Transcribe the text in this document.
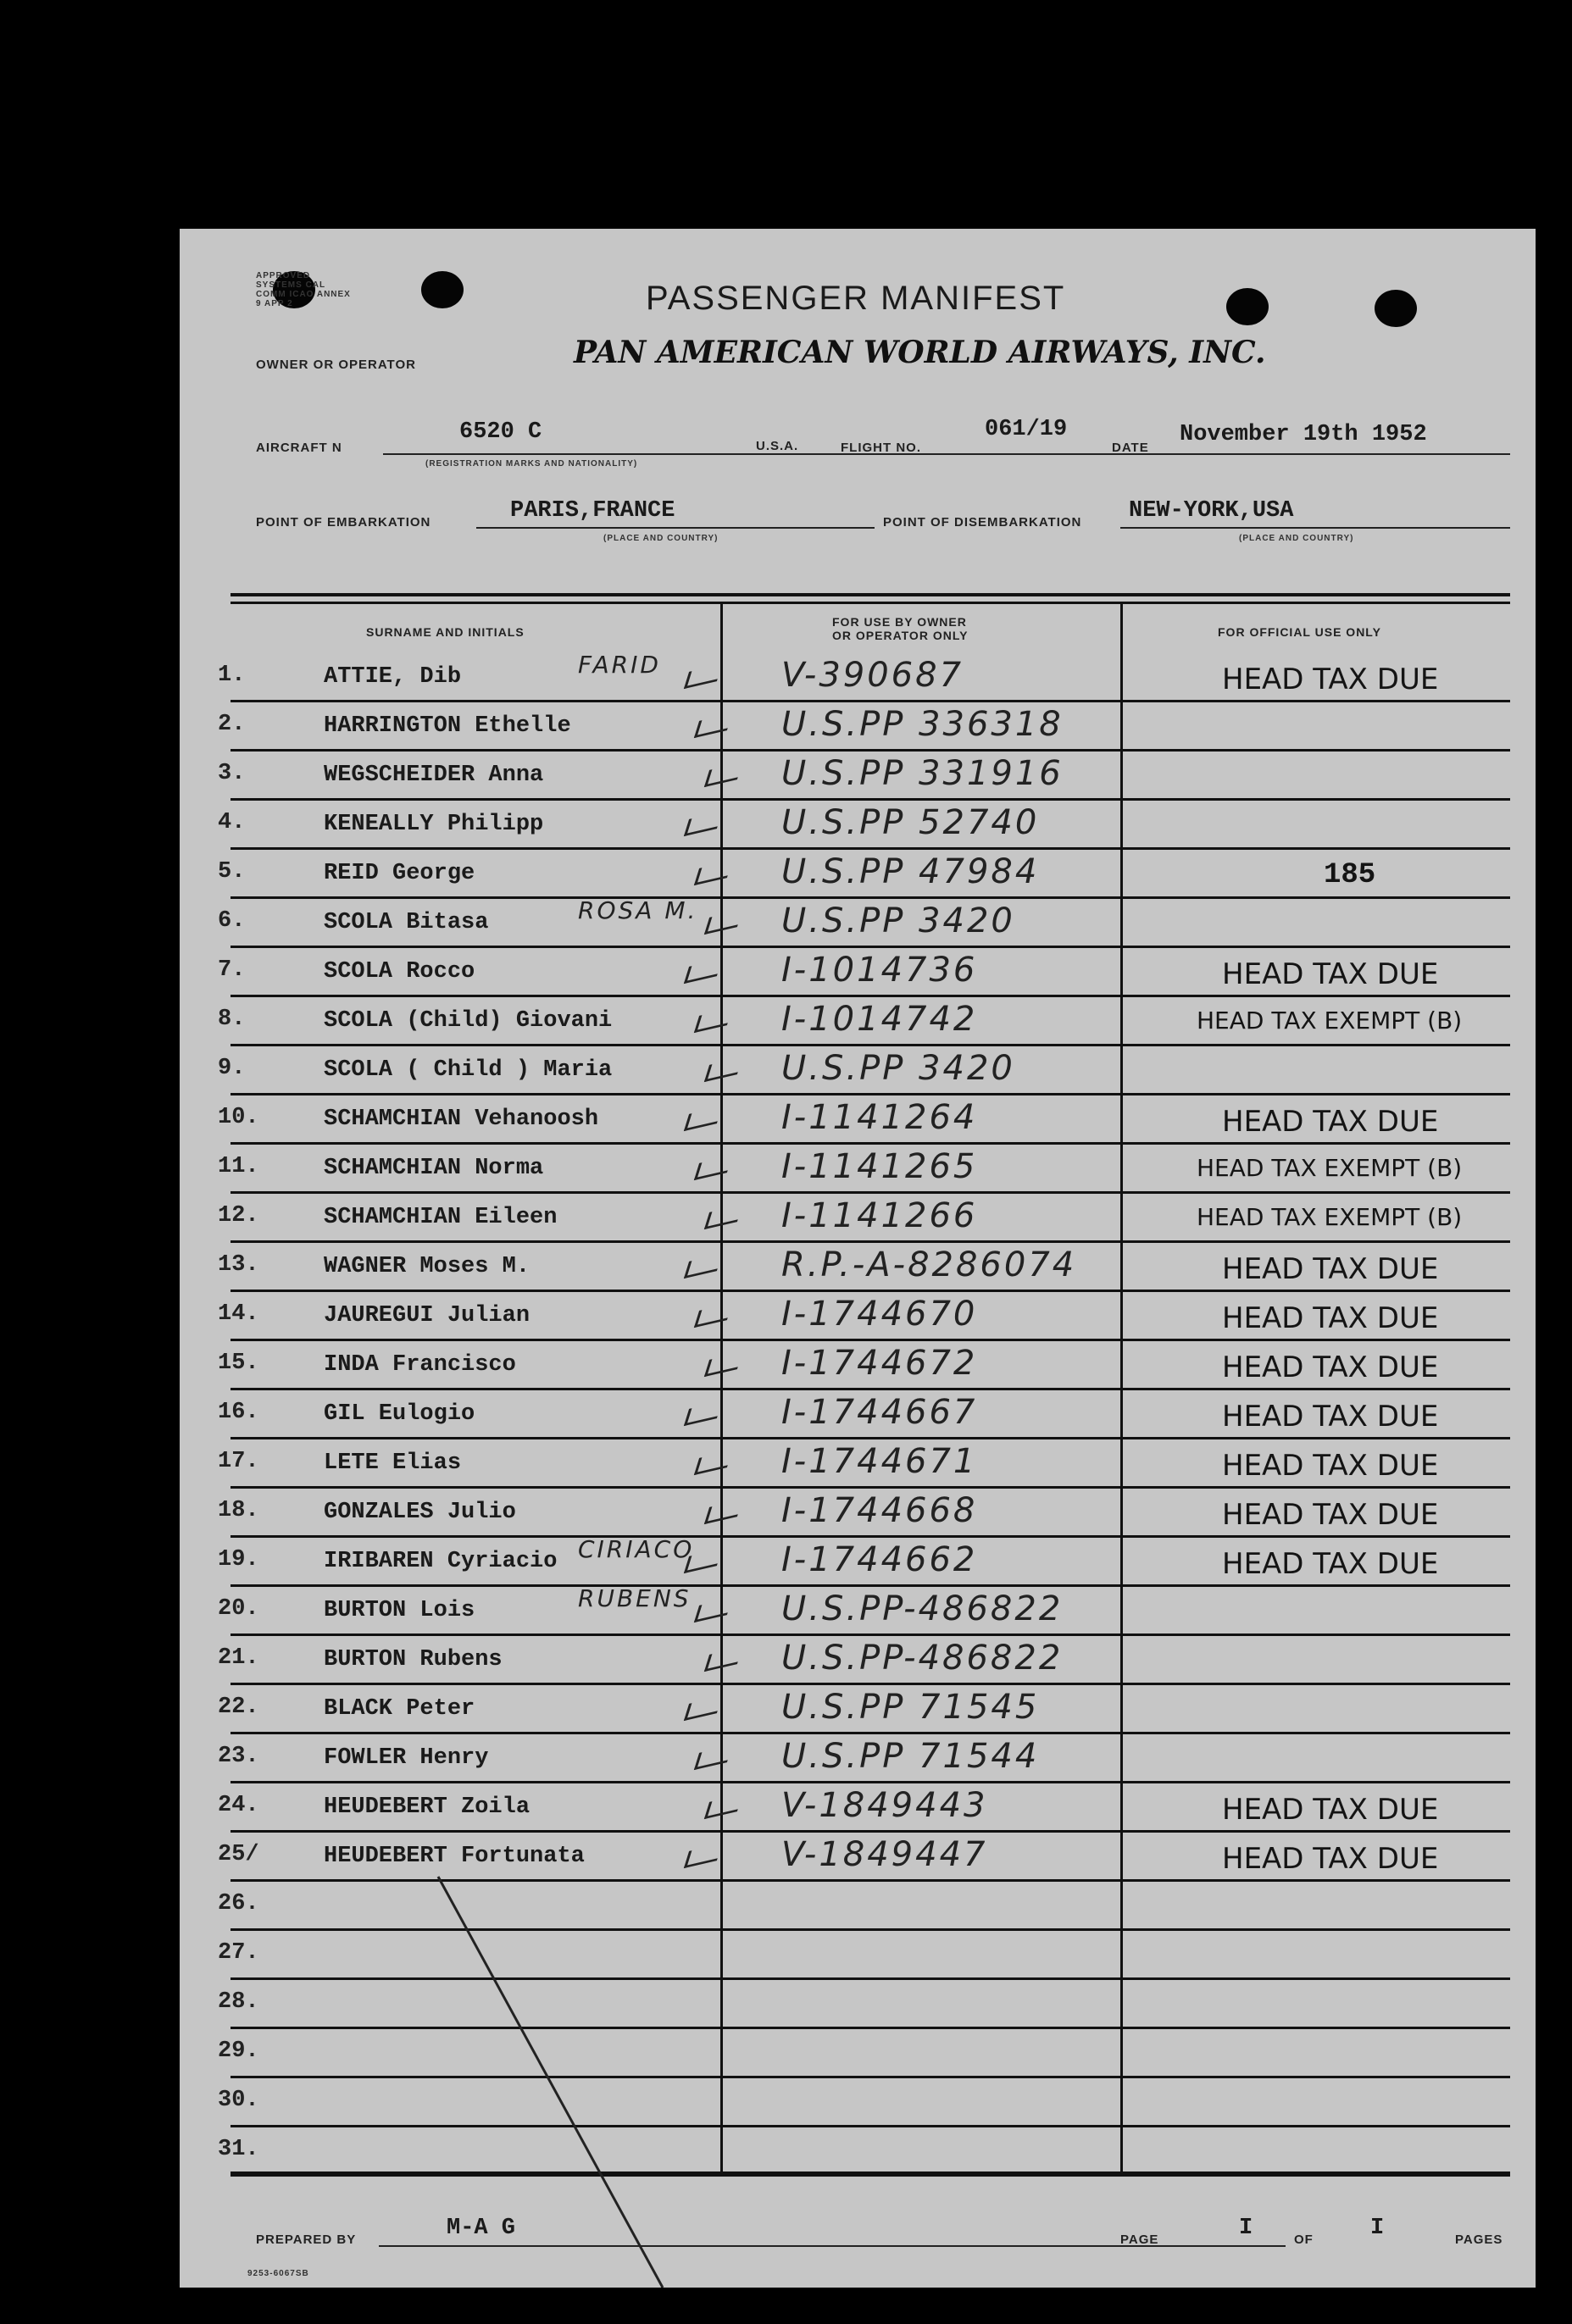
APPROVED SYSTEMS CAL COMM ICAO ANNEX 9 APP 2	PASSENGER MANIFEST
OWNER OR OPERATOR	PAN AMERICAN WORLD AIRWAYS, INC.
AIRCRAFT N
6520 C
(REGISTRATION MARKS AND NATIONALITY)
U.S.A.	FLIGHT NO.
061/19
DATE
November 19th 1952
POINT OF EMBARKATION	PARIS,FRANCE
(PLACE AND COUNTRY)
POINT OF DISEMBARKATION NEW-YORK,USA
(PLACE AND COUNTRY)
SURNAME AND INITIALS
FOR USE BY OWNER
OR OPERATOR ONLY	FOR OFFICIAL USE ONLY
1.	ATTIE, Dib	FARID	V-390687	HEAD TAX DUE
2.	HARRINGTON Ethelle	U.S.PP 336318
3.	WEGSCHEIDER Anna	U.S.PP 331916
4.	KENEALLY Philipp	U.S.PP 52740
5.	REID George	U.S.PP 47984	185
6.	SCOLA Bitasa	ROSA M. U.S.PP 3420
7.	SCOLA Rocco	I-1014736	HEAD TAX DUE
8.	SCOLA (Child) Giovani	I-1014742	HEAD TAX EXEMPT (B)
9.	SCOLA ( Child ) Maria	U.S.PP 3420
10.	SCHAMCHIAN Vehanoosh	I-1141264	HEAD TAX DUE
11.	SCHAMCHIAN Norma	I-1141265	HEAD TAX EXEMPT (B)
12.	SCHAMCHIAN Eileen	I-1141266	HEAD TAX EXEMPT (B)
13.	WAGNER Moses M.	R.P.-A-8286074	HEAD TAX DUE
14.	JAUREGUI Julian	I-1744670	HEAD TAX DUE
15.	INDA Francisco	I-1744672	HEAD TAX DUE
16.	GIL Eulogio	I-1744667	HEAD TAX DUE
17.	LETE Elias	I-1744671	HEAD TAX DUE
18.	GONZALES Julio	I-1744668	HEAD TAX DUE
19.	IRIBAREN Cyriacio CIRIACO	I-1744662	HEAD TAX DUE
20.	BURTON Lois	RUBENS	U.S.PP-486822
21.	BURTON Rubens	U.S.PP-486822
22.	BLACK Peter	U.S.PP 71545
23.	FOWLER Henry	U.S.PP 71544
24.	HEUDEBERT Zoila	V-1849443	HEAD TAX DUE
25/	HEUDEBERT Fortunata	V-1849447	HEAD TAX DUE
26.
27.
28.
29.
30.
31.
PREPARED BY	M-A G	PAGE	I	OF I	PAGES
9253-6067SB
